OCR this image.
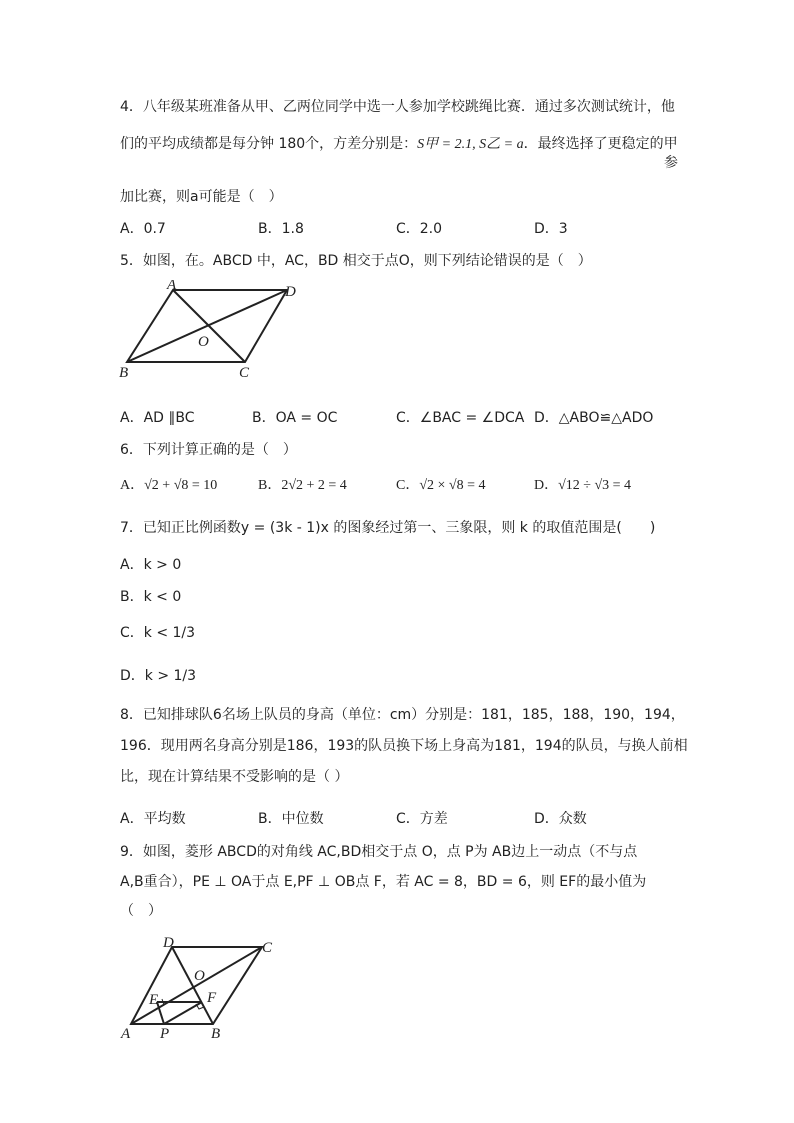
4．八年级某班准备从甲、乙两位同学中选一人参加学校跳绳比赛．通过多次测试统计，他
们的平均成绩都是每分钟 180个，方差分别是：S甲 = 2.1, S乙 = a．最终选择了更稳定的甲
参
加比赛，则a可能是（　）
A．0.7	B．1.8	C．2.0	D．3
5．如图，在。ABCD 中，AC，BD 相交于点O，则下列结论错误的是（　）
A	D
O
B	C
A．AD ∥BC	B．OA = OC	C．∠BAC = ∠DCA D．△ABO≌△ADO
6．下列计算正确的是（　）
A．√2 + √8 = 10	B．2√2 + 2 = 4	C．√2 × √8 = 4	D．√12 ÷ √3 = 4
7．已知正比例函数y = (3k - 1)x 的图象经过第一、三象限，则 k 的取值范围是(　　)
A．k > 0
B．k < 0
C．k < 1/3
D．k > 1/3
8．已知排球队6名场上队员的身高（单位：cm）分别是：181，185，188，190，194，
196．现用两名身高分别是186，193的队员换下场上身高为181，194的队员，与换人前相
比，现在计算结果不受影响的是（ ）
A．平均数	B．中位数	C．方差	D．众数
9．如图，菱形 ABCD的对角线 AC,BD相交于点 O，点 P为 AB边上一动点（不与点
A,B重合），PE ⊥ OA于点 E,PF ⊥ OB点 F，若 AC = 8，BD = 6，则 EF的最小值为
（　）
D	C
O
E	F
A P	B
